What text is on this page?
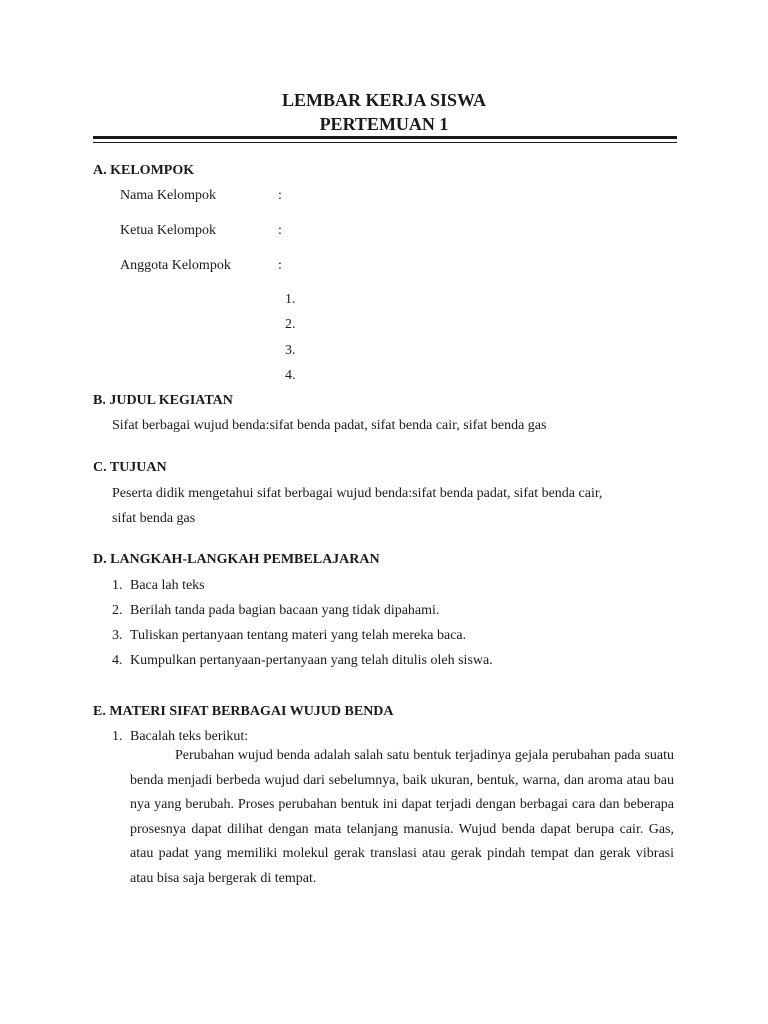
LEMBAR KERJA SISWA
PERTEMUAN 1
A. KELOMPOK
Nama Kelompok	:
Ketua Kelompok	:
Anggota Kelompok	:
1.
2.
3.
4.
B. JUDUL KEGIATAN
Sifat berbagai wujud benda:sifat benda padat, sifat benda cair, sifat benda gas
C. TUJUAN
Peserta didik mengetahui sifat berbagai wujud benda:sifat benda padat, sifat benda cair,
sifat benda gas
D. LANGKAH-LANGKAH PEMBELAJARAN
1. Baca lah teks
2. Berilah tanda pada bagian bacaan yang tidak dipahami.
3. Tuliskan pertanyaan tentang materi yang telah mereka baca.
4. Kumpulkan pertanyaan-pertanyaan yang telah ditulis oleh siswa.
E. MATERI SIFAT BERBAGAI WUJUD BENDA
1. Bacalah teks berikut:
Perubahan wujud benda adalah salah satu bentuk terjadinya gejala perubahan pada suatu benda menjadi berbeda wujud dari sebelumnya, baik ukuran, bentuk, warna, dan aroma atau bau nya yang berubah. Proses perubahan bentuk ini dapat terjadi dengan berbagai cara dan beberapa prosesnya dapat dilihat dengan mata telanjang manusia. Wujud benda dapat berupa cair. Gas, atau padat yang memiliki molekul gerak translasi atau gerak pindah tempat dan gerak vibrasi atau bisa saja bergerak di tempat.
